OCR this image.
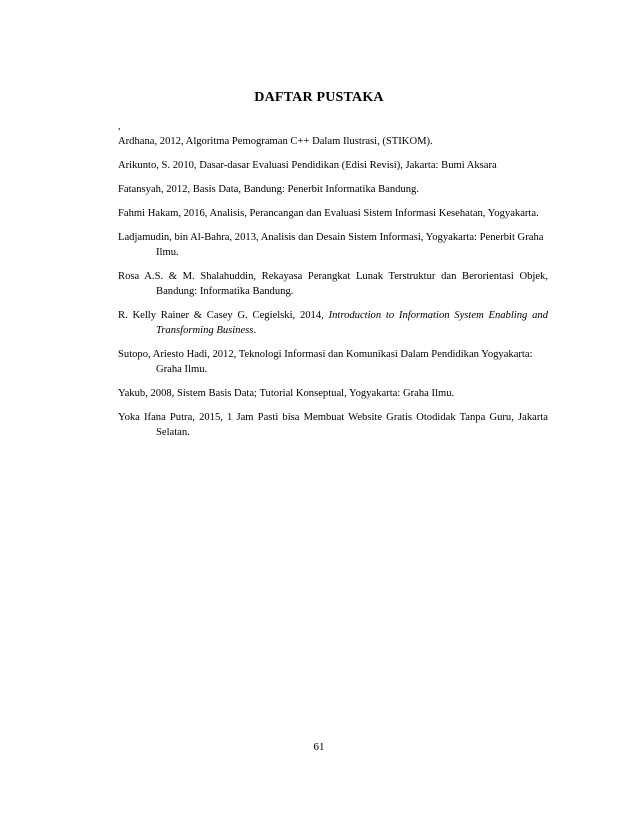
DAFTAR PUSTAKA
,

Ardhana, 2012, Algoritma Pemograman C++ Dalam Ilustrasi, (STIKOM).

Arikunto, S. 2010, Dasar-dasar Evaluasi Pendidikan (Edisi Revisi), Jakarta: Bumi Aksara

Fatansyah, 2012, Basis Data, Bandung: Penerbit Informatika Bandung.

Fahmi Hakam, 2016, Analisis, Perancangan dan Evaluasi Sistem Informasi Kesehatan, Yogyakarta.

Ladjamudin, bin Al-Bahra, 2013, Analisis dan Desain Sistem Informasi, Yogyakarta: Penerbit Graha Ilmu.

Rosa A.S. & M. Shalahuddin, Rekayasa Perangkat Lunak Terstruktur dan Berorientasi Objek, Bandung: Informatika Bandung.

R. Kelly Rainer & Casey G. Cegielski, 2014, Introduction to Information System Enabling and Transforming Business.

Sutopo, Ariesto Hadi, 2012, Teknologi Informasi dan Komunikasi Dalam Pendidikan Yogyakarta: Graha Ilmu.

Yakub, 2008, Sistem Basis Data; Tutorial Konseptual, Yogyakarta: Graha Ilmu.

Yoka Ifana Putra, 2015, 1 Jam Pasti bisa Membuat Website Gratis Otodidak Tanpa Guru, Jakarta Selatan.

61
